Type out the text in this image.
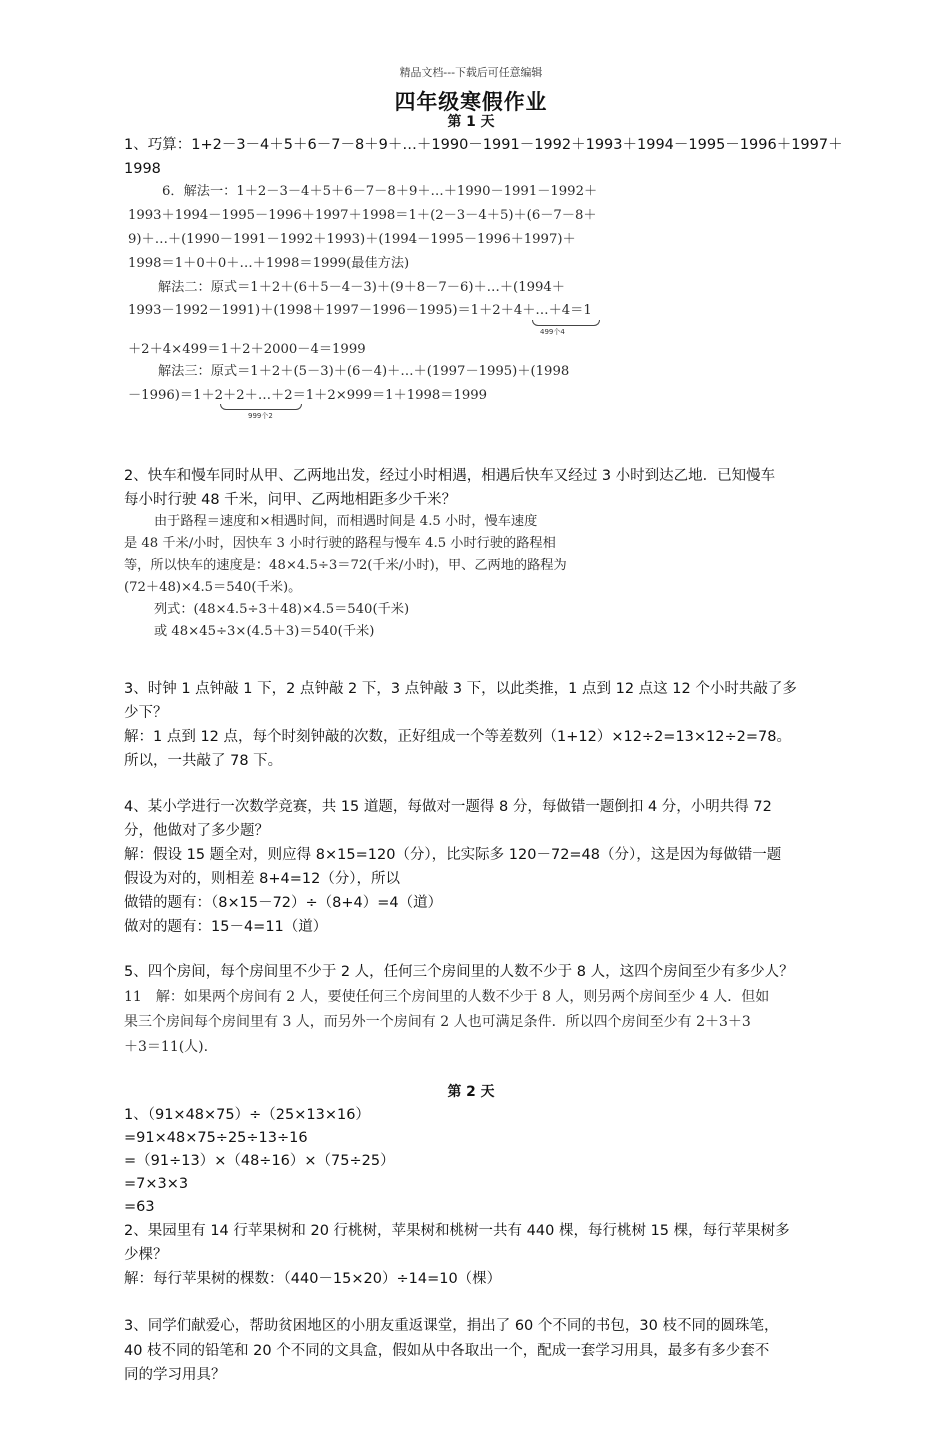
精品文档---下载后可任意编辑
四年级寒假作业
第 1 天
1、巧算：1+2－3－4＋5＋6－7－8＋9＋…＋1990－1991－1992＋1993＋1994－1995－1996＋1997＋
1998
6．解法一：1＋2－3－4＋5＋6－7－8＋9＋…＋1990－1991－1992＋
1993＋1994－1995－1996＋1997＋1998＝1＋(2－3－4＋5)＋(6－7－8＋
9)＋…＋(1990－1991－1992＋1993)＋(1994－1995－1996＋1997)＋
1998＝1＋0＋0＋…＋1998＝1999(最佳方法)
解法二：原式＝1＋2＋(6＋5－4－3)＋(9＋8－7－6)＋…＋(1994＋
1993－1992－1991)＋(1998＋1997－1996－1995)＝1＋2＋4＋…＋4＝1
499个4
＋2＋4×499＝1＋2＋2000－4＝1999
解法三：原式＝1＋2＋(5－3)＋(6－4)＋…＋(1997－1995)＋(1998
－1996)＝1＋2＋2＋…＋2＝1＋2×999＝1＋1998＝1999
999个2
2、快车和慢车同时从甲、乙两地出发，经过小时相遇，相遇后快车又经过 3 小时到达乙地．已知慢车
每小时行驶 48 千米，问甲、乙两地相距多少千米？
由于路程＝速度和×相遇时间，而相遇时间是 4.5 小时，慢车速度
是 48 千米/小时，因快车 3 小时行驶的路程与慢车 4.5 小时行驶的路程相
等，所以快车的速度是：48×4.5÷3＝72(千米/小时)，甲、乙两地的路程为
(72＋48)×4.5＝540(千米)。
列式：(48×4.5÷3＋48)×4.5＝540(千米)
或 48×45÷3×(4.5＋3)＝540(千米)
3、时钟 1 点钟敲 1 下，2 点钟敲 2 下，3 点钟敲 3 下，以此类推，1 点到 12 点这 12 个小时共敲了多
少下？
解：1 点到 12 点，每个时刻钟敲的次数，正好组成一个等差数列（1+12）×12÷2=13×12÷2=78。
所以，一共敲了 78 下。
4、某小学进行一次数学竞赛，共 15 道题，每做对一题得 8 分，每做错一题倒扣 4 分，小明共得 72
分，他做对了多少题？
解：假设 15 题全对，则应得 8×15=120（分），比实际多 120－72=48（分），这是因为每做错一题
假设为对的，则相差 8+4=12（分），所以
做错的题有：（8×15－72）÷（8+4）=4（道）
做对的题有：15－4=11（道）
5、四个房间，每个房间里不少于 2 人，任何三个房间里的人数不少于 8 人，这四个房间至少有多少人？
11　解：如果两个房间有 2 人，要使任何三个房间里的人数不少于 8 人，则另两个房间至少 4 人．但如
果三个房间每个房间里有 3 人，而另外一个房间有 2 人也可满足条件．所以四个房间至少有 2＋3＋3
＋3＝11(人).
第 2 天
1、（91×48×75）÷（25×13×16）
=91×48×75÷25÷13÷16
=（91÷13）×（48÷16）×（75÷25）
=7×3×3
=63
2、果园里有 14 行苹果树和 20 行桃树，苹果树和桃树一共有 440 棵，每行桃树 15 棵，每行苹果树多
少棵？
解：每行苹果树的棵数：（440－15×20）÷14=10（棵）
3、同学们献爱心，帮助贫困地区的小朋友重返课堂，捐出了 60 个不同的书包，30 枝不同的圆珠笔，
40 枝不同的铅笔和 20 个不同的文具盒，假如从中各取出一个，配成一套学习用具，最多有多少套不
同的学习用具？
